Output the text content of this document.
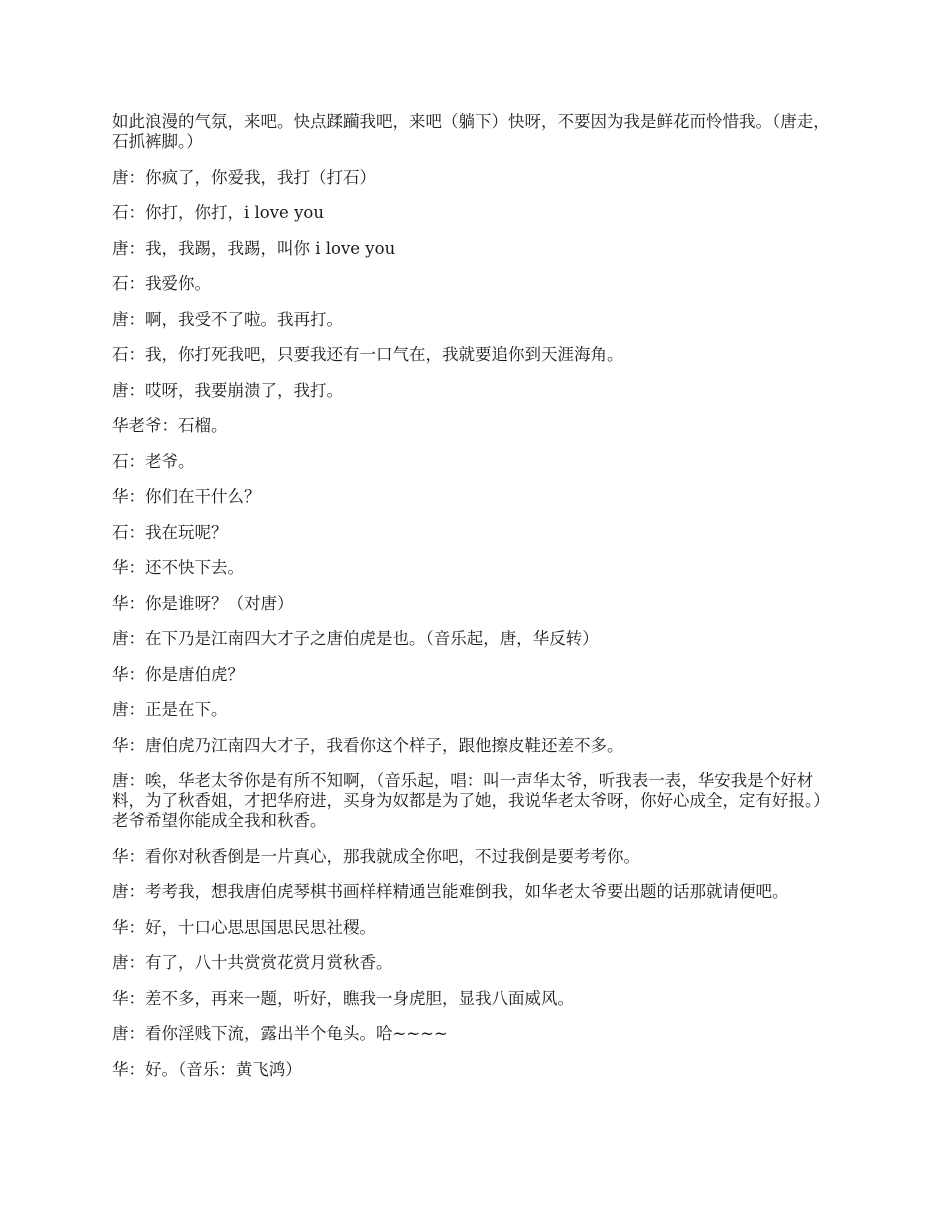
如此浪漫的气氛，来吧。快点蹂躏我吧，来吧（躺下）快呀，不要因为我是鲜花而怜惜我。（唐走，石抓裤脚。）

唐：你疯了，你爱我，我打（打石）

石：你打，你打，i love you

唐：我，我踢，我踢，叫你 i love you

石：我爱你。

唐：啊，我受不了啦。我再打。

石：我，你打死我吧，只要我还有一口气在，我就要追你到天涯海角。

唐：哎呀，我要崩溃了，我打。

华老爷：石榴。

石：老爷。

华：你们在干什么？

石：我在玩呢？

华：还不快下去。

华：你是谁呀？（对唐）

唐：在下乃是江南四大才子之唐伯虎是也。（音乐起，唐，华反转）

华：你是唐伯虎？

唐：正是在下。

华：唐伯虎乃江南四大才子，我看你这个样子，跟他擦皮鞋还差不多。

唐：唉，华老太爷你是有所不知啊，（音乐起，唱：叫一声华太爷，听我表一表，华安我是个好材料，为了秋香姐，才把华府进，买身为奴都是为了她，我说华老太爷呀，你好心成全，定有好报。）老爷希望你能成全我和秋香。

华：看你对秋香倒是一片真心，那我就成全你吧，不过我倒是要考考你。

唐：考考我，想我唐伯虎琴棋书画样样精通岂能难倒我，如华老太爷要出题的话那就请便吧。

华：好，十口心思思国思民思社稷。

唐：有了，八十共赏赏花赏月赏秋香。

华：差不多，再来一题，听好，瞧我一身虎胆，显我八面威风。

唐：看你淫贱下流，露出半个龟头。哈~~~~

华：好。（音乐：黄飞鸿）
